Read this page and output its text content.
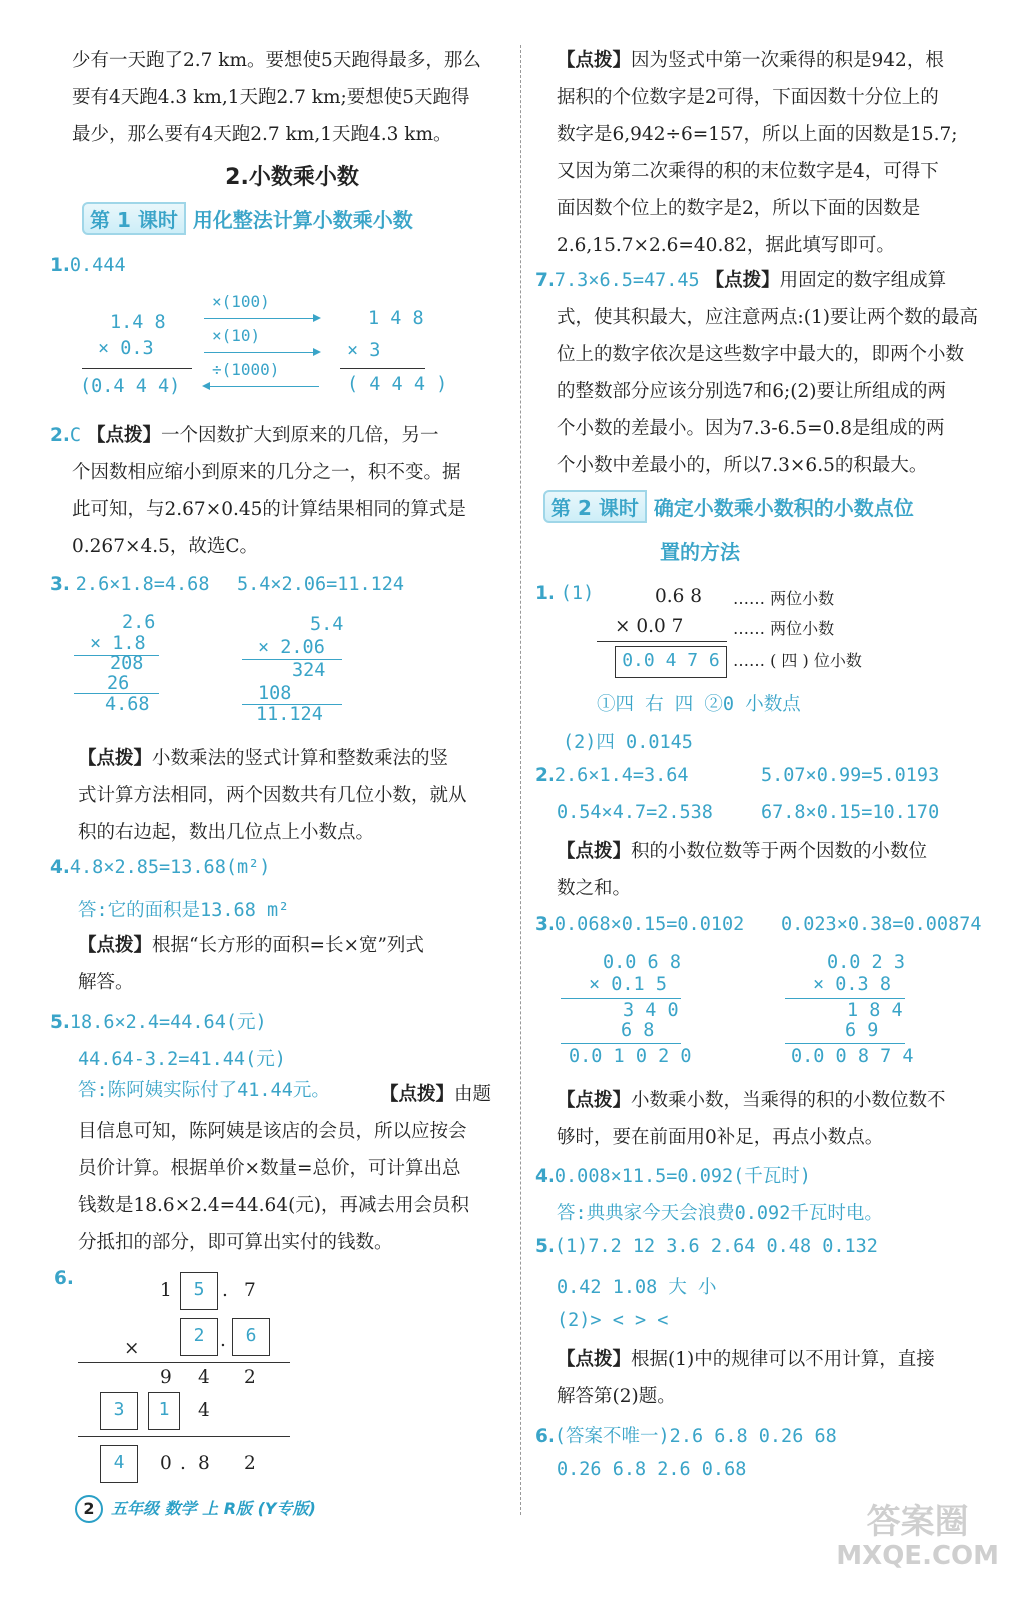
少有一天跑了2.7 km。要想使5天跑得最多，那么
要有4天跑4.3 km,1天跑2.7 km;要想使5天跑得
最少，那么要有4天跑2.7 km,1天跑4.3 km。
2.小数乘小数
第 1 课时 用化整法计算小数乘小数
1.0.444
1.4 8
× 0.3
(0.4 4 4)
×(100)
×(10)
÷(1000)
1 4 8
× 3
( 4 4 4 )
2.C 【点拨】一个因数扩大到原来的几倍，另一
个因数相应缩小到原来的几分之一，积不变。据
此可知，与2.67×0.45的计算结果相同的算式是
0.267×4.5，故选C。
3. 2.6×1.8=4.68 5.4×2.06=11.124
2.6
× 1.8
208
26
4.68
5.4
× 2.06
324
108
11.124
【点拨】小数乘法的竖式计算和整数乘法的竖
式计算方法相同，两个因数共有几位小数，就从
积的右边起，数出几位点上小数点。
4.4.8×2.85=13.68(m²)
答:它的面积是13.68 m²
【点拨】根据“长方形的面积=长×宽”列式
解答。
5.18.6×2.4=44.64(元)
44.64-3.2=41.44(元)
答:陈阿姨实际付了41.44元。	【点拨】由题
目信息可知，陈阿姨是该店的会员，所以应按会
员价计算。根据单价×数量=总价，可计算出总
钱数是18.6×2.4=44.64(元)，再减去用会员积
分抵扣的部分，即可算出实付的钱数。
6.
1	5 . 7
×
2 .	6
9 4 2
3	1	4
4	0 . 8 2
【点拨】因为竖式中第一次乘得的积是942，根
据积的个位数字是2可得，下面因数十分位上的
数字是6,942÷6=157，所以上面的因数是15.7;
又因为第二次乘得的积的末位数字是4，可得下
面因数个位上的数字是2，所以下面的因数是
2.6,15.7×2.6=40.82，据此填写即可。
7.7.3×6.5=47.45 【点拨】用固定的数字组成算
式，使其积最大，应注意两点:(1)要让两个数的最高
位上的数字依次是这些数字中最大的，即两个小数
的整数部分应该分别选7和6;(2)要让所组成的两
个小数的差最小。因为7.3-6.5=0.8是组成的两
个小数中差最小的，所以7.3×6.5的积最大。
第 2 课时 确定小数乘小数积的小数点位
置的方法
1. (1)	0.6 8 …… 两位小数
× 0.0 7	…… 两位小数
0.0 4 7 6 …… ( 四 ) 位小数
①四 右 四 ②0 小数点
(2)四 0.0145
2.2.6×1.4=3.64	5.07×0.99=5.0193
0.54×4.7=2.538	67.8×0.15=10.170
【点拨】积的小数位数等于两个因数的小数位
数之和。
3.0.068×0.15=0.0102 0.023×0.38=0.00874
0.0 6 8
× 0.1 5
3 4 0
6 8
0.0 1 0 2 0
0.0 2 3
× 0.3 8
1 8 4
6 9
0.0 0 8 7 4
【点拨】小数乘小数，当乘得的积的小数位数不
够时，要在前面用0补足，再点小数点。
4.0.008×11.5=0.092(千瓦时)
答:典典家今天会浪费0.092千瓦时电。
5.(1)7.2 12 3.6 2.64 0.48 0.132
0.42 1.08 大 小
(2)> < > <
【点拨】根据(1)中的规律可以不用计算，直接
解答第(2)题。
6.(答案不唯一)2.6 6.8 0.26 68
0.26 6.8 2.6 0.68
2 五年级 数学 上 R版 (Y专版)	答案圈
MXQE.COM
